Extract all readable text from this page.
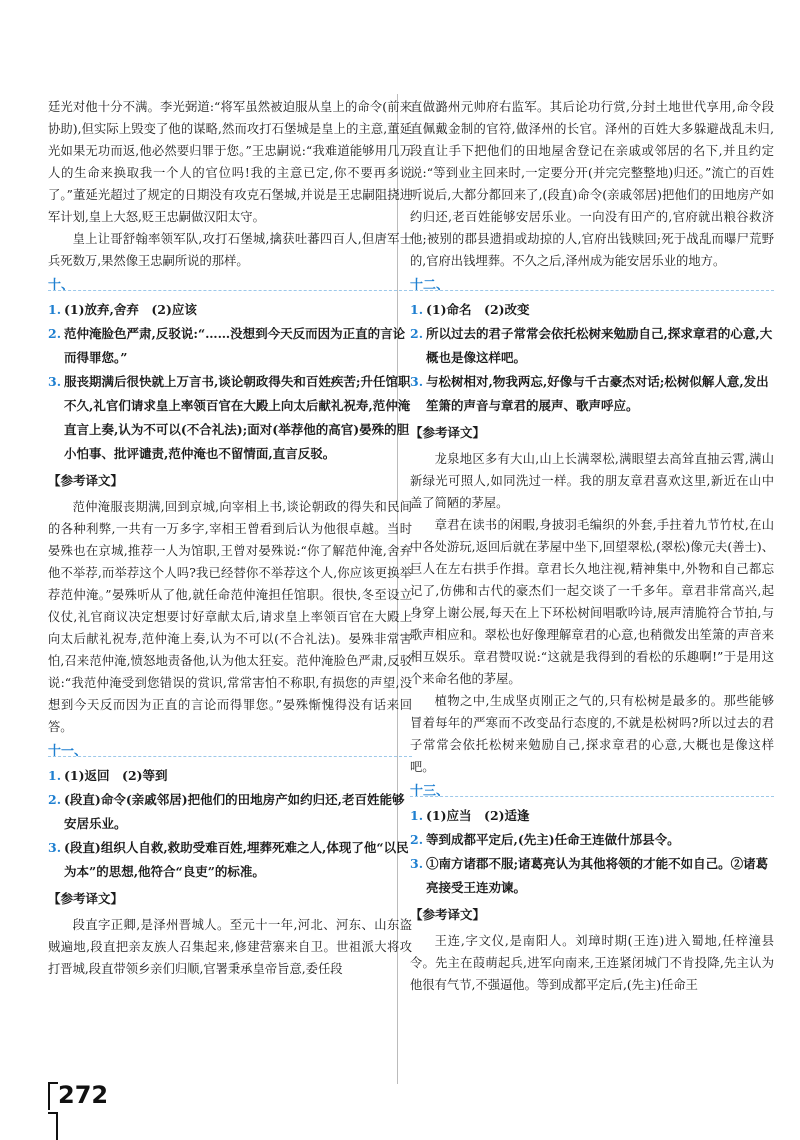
廷光对他十分不满。李光弼道:“将军虽然被迫服从皇上的命令(前来协助),但实际上毁变了他的谋略,然而攻打石堡城是皇上的主意,董延光如果无功而返,他必然要归罪于您。”王忠嗣说:“我难道能够用几万人的生命来换取我一个人的官位吗!我的主意已定,你不要再多说了。”董延光超过了规定的日期没有攻克石堡城,并说是王忠嗣阻挠进军计划,皇上大怒,贬王忠嗣做汉阳太守。

皇上让哥舒翰率领军队,攻打石堡城,擒获吐蕃四百人,但唐军士兵死数万,果然像王忠嗣所说的那样。

十、
1. (1)放弃,舍弃　(2)应该
2. 范仲淹脸色严肃,反驳说:“……没想到今天反而因为正直的言论而得罪您。”
3. 服丧期满后很快就上万言书,谈论朝政得失和百姓疾苦;升任馆职不久,礼官们请求皇上率领百官在大殿上向太后献礼祝寿,范仲淹直言上奏,认为不可以(不合礼法);面对(举荐他的高官)晏殊的胆小怕事、批评谴责,范仲淹也不留情面,直言反驳。
【参考译文】

范仲淹服丧期满,回到京城,向宰相上书,谈论朝政的得失和民间的各种利弊,一共有一万多字,宰相王曾看到后认为他很卓越。当时晏殊也在京城,推荐一人为馆职,王曾对晏殊说:“你了解范仲淹,舍弃他不举荐,而举荐这个人吗?我已经替你不举荐这个人,你应该更换举荐范仲淹。”晏殊听从了他,就任命范仲淹担任馆职。很快,冬至设立仪仗,礼官商议决定想要讨好章献太后,请求皇上率领百官在大殿上向太后献礼祝寿,范仲淹上奏,认为不可以(不合礼法)。晏殊非常害怕,召来范仲淹,愤怒地责备他,认为他太狂妄。范仲淹脸色严肃,反驳说:“我范仲淹受到您错误的赏识,常常害怕不称职,有损您的声望,没想到今天反而因为正直的言论而得罪您。”晏殊惭愧得没有话来回答。

十一、
1. (1)返回　(2)等到
2. (段直)命令(亲戚邻居)把他们的田地房产如约归还,老百姓能够安居乐业。
3. (段直)组织人自救,救助受难百姓,埋葬死难之人,体现了他“以民为本”的思想,他符合“良吏”的标准。
【参考译文】

段直字正卿,是泽州晋城人。至元十一年,河北、河东、山东盗贼遍地,段直把亲友族人召集起来,修建营寨来自卫。世祖派大将攻打晋城,段直带领乡亲们归顺,官署秉承皇帝旨意,委任段

直做潞州元帅府右监军。其后论功行赏,分封土地世代享用,命令段直佩戴金制的官符,做泽州的长官。泽州的百姓大多躲避战乱未归,段直让手下把他们的田地屋舍登记在亲戚或邻居的名下,并且约定说:“等到业主回来时,一定要分开(并完完整整地)归还。”流亡的百姓听说后,大都分都回来了,(段直)命令(亲戚邻居)把他们的田地房产如约归还,老百姓能够安居乐业。一向没有田产的,官府就出粮谷救济他;被别的郡县遗捐或劫掠的人,官府出钱赎回;死于战乱而曝尸荒野的,官府出钱埋葬。不久之后,泽州成为能安居乐业的地方。

十二、
1. (1)命名　(2)改变
2. 所以过去的君子常常会依托松树来勉励自己,探求章君的心意,大概也是像这样吧。
3. 与松树相对,物我两忘,好像与千古豪杰对话;松树似解人意,发出笙箫的声音与章君的展声、歌声呼应。
【参考译文】

龙泉地区多有大山,山上长满翠松,满眼望去高耸直抽云霄,满山新绿光可照人,如同洗过一样。我的朋友章君喜欢这里,新近在山中盖了简陋的茅屋。

章君在读书的闲暇,身披羽毛编织的外套,手拄着九节竹杖,在山中各处游玩,返回后就在茅屋中坐下,回望翠松,(翠松)像元夫(善士)、巨人在左右拱手作揖。章君长久地注视,精神集中,外物和自己都忘记了,仿佛和古代的豪杰们一起交谈了一千多年。章君非常高兴,起身穿上谢公展,每天在上下环松树间唱歌吟诗,展声清脆符合节拍,与歌声相应和。翠松也好像理解章君的心意,也稍微发出笙箫的声音来相互娱乐。章君赞叹说:“这就是我得到的看松的乐趣啊!”于是用这个来命名他的茅屋。

植物之中,生成坚贞刚正之气的,只有松树是最多的。那些能够冒着每年的严寒而不改变品行态度的,不就是松树吗?所以过去的君子常常会依托松树来勉励自己,探求章君的心意,大概也是像这样吧。

十三、
1. (1)应当　(2)适逢
2. 等到成都平定后,(先主)任命王连做什邡县令。
3. ①南方诸郡不服;诸葛亮认为其他将领的才能不如自己。②诸葛亮接受王连劝谏。
【参考译文】

王连,字文仪,是南阳人。刘璋时期(王连)进入蜀地,任梓潼县令。先主在葭萌起兵,进军向南来,王连紧闭城门不肯投降,先主认为他很有气节,不强逼他。等到成都平定后,(先主)任命王

272
